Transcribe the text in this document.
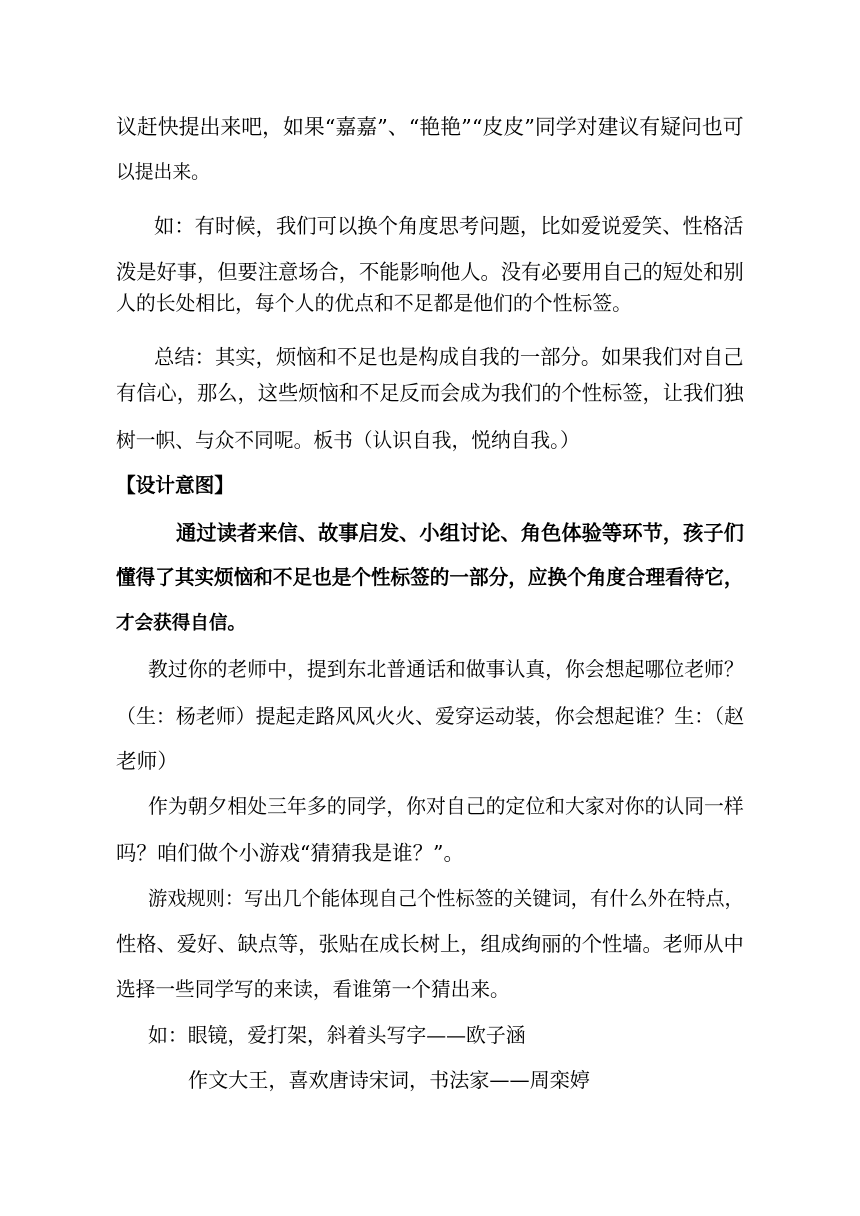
议赶快提出来吧，如果“嘉嘉”、“艳艳”“皮皮”同学对建议有疑问也可
以提出来。
如：有时候，我们可以换个角度思考问题，比如爱说爱笑、性格活
泼是好事，但要注意场合，不能影响他人。没有必要用自己的短处和别
人的长处相比，每个人的优点和不足都是他们的个性标签。
总结：其实，烦恼和不足也是构成自我的一部分。如果我们对自己
有信心，那么，这些烦恼和不足反而会成为我们的个性标签，让我们独
树一帜、与众不同呢。板书（认识自我，悦纳自我。）
【设计意图】
通过读者来信、故事启发、小组讨论、角色体验等环节，孩子们
懂得了其实烦恼和不足也是个性标签的一部分，应换个角度合理看待它，
才会获得自信。
教过你的老师中，提到东北普通话和做事认真，你会想起哪位老师？
（生：杨老师）提起走路风风火火、爱穿运动装，你会想起谁？生：（赵
老师）
作为朝夕相处三年多的同学，你对自己的定位和大家对你的认同一样
吗？咱们做个小游戏“猜猜我是谁？”。
游戏规则：写出几个能体现自己个性标签的关键词，有什么外在特点，
性格、爱好、缺点等，张贴在成长树上，组成绚丽的个性墙。老师从中
选择一些同学写的来读，看谁第一个猜出来。
如：眼镜，爱打架，斜着头写字——欧子涵
作文大王，喜欢唐诗宋词，书法家——周栾婷
